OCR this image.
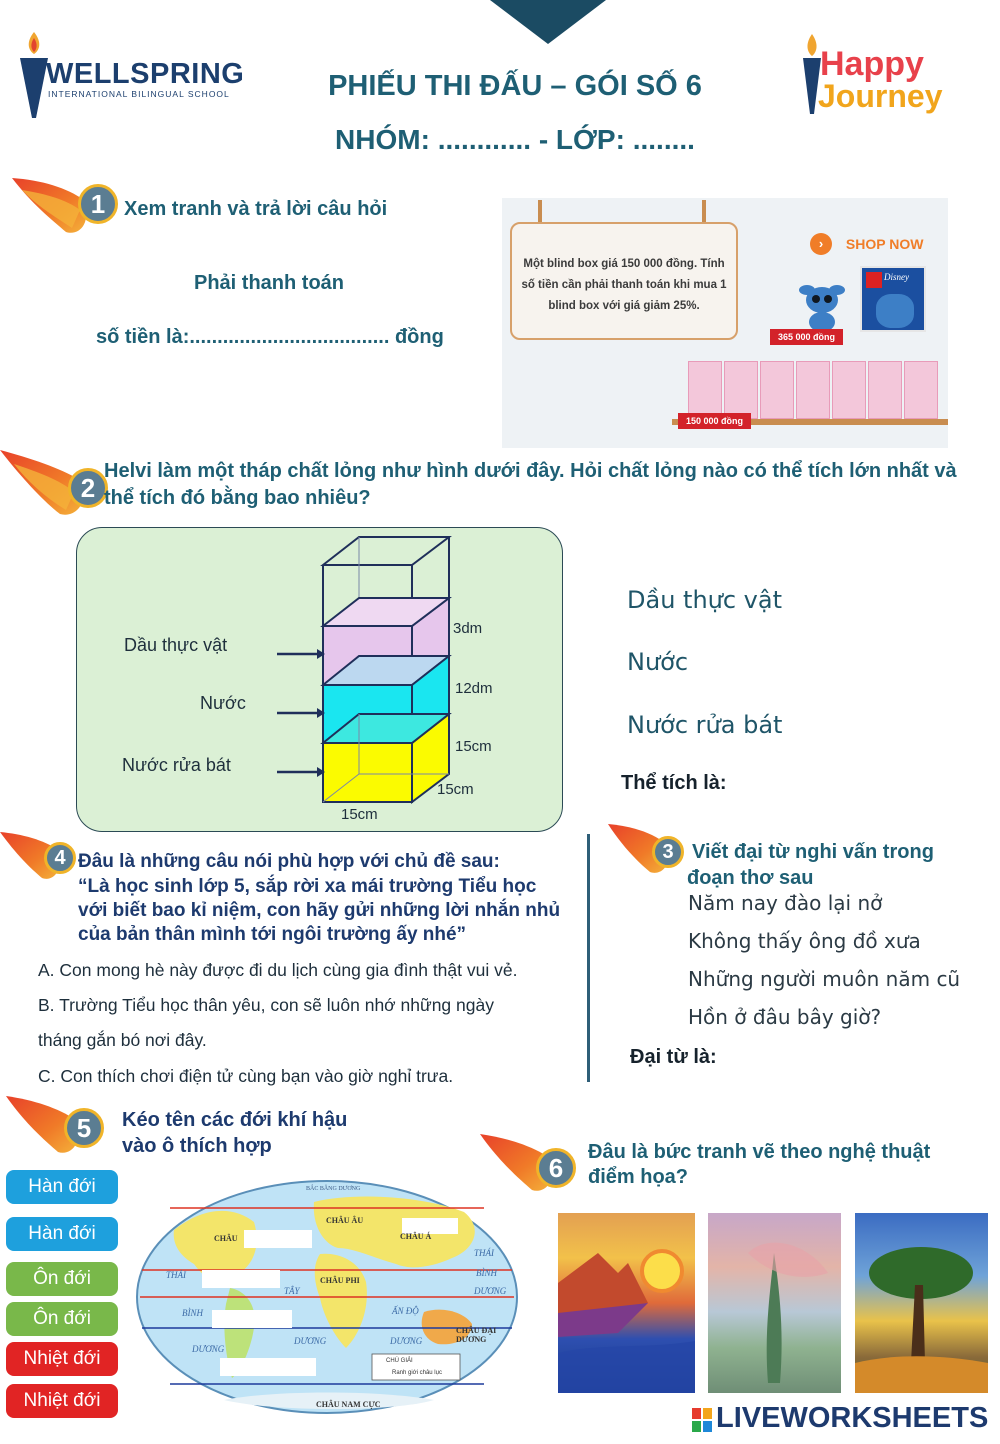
WELLSPRING
INTERNATIONAL BILINGUAL SCHOOL
Happy
Journey
PHIẾU THI ĐẤU – GÓI SỐ 6
NHÓM: ............ - LỚP: ........
1 Xem tranh và trả lời câu hỏi
Phải thanh toán
số tiền là:.................................... đồng
Một blind box giá 150 000 đồng. Tính số tiền cần phải thanh toán khi mua 1 blind box với giá giảm 25%.
› SHOP NOW
Disney
365 000 đồng
150 000 đồng
2
Helvi làm một tháp chất lỏng như hình dưới đây. Hỏi chất lỏng nào có thể tích lớn nhất và thể tích đó bằng bao nhiêu?
Dầu thực vật
Nước
Nước rửa bát
3dm
12dm
15cm
15cm
15cm
Dầu thực vật
Nước
Nước rửa bát
Thể tích là:
4 Đâu là những câu nói phù hợp với chủ đề sau:
“Là học sinh lớp 5, sắp rời xa mái trường Tiểu học
với biết bao kỉ niệm, con hãy gửi những lời nhắn nhủ
của bản thân mình tới ngôi trường ấy nhé”
A. Con mong hè này được đi du lịch cùng gia đình thật vui vẻ.
B. Trường Tiểu học thân yêu, con sẽ luôn nhớ những ngày
tháng gắn bó nơi đây.
C. Con thích chơi điện tử cùng bạn vào giờ nghỉ trưa.
3 Viết đại từ nghi vấn trong
đoạn thơ sau
Năm nay đào lại nở
Không thấy ông đồ xưa
Những người muôn năm cũ
Hồn ở đâu bây giờ?
Đại từ là:
5	Kéo tên các đới khí hậu
vào ô thích hợp
Hàn đới
Hàn đới
Ôn đới
Ôn đới
Nhiệt đới
Nhiệt đới
BẮC BĂNG DƯƠNG
CHÂU ÂU
CHÂU Á
CHÂU
CHÂU PHI
CHÂU ĐẠI DƯƠNG
CHÂU NAM CỰC
THÁI
THÁI
BÌNH
BÌNH
TÂY
ẤN ĐỘ
DƯƠNG
DƯƠNG	DƯƠNG
DƯƠNG
CHÚ GIẢI
Ranh giới châu lục
6
Đâu là bức tranh vẽ theo nghệ thuật
điểm họa?
LIVEWORKSHEETS
